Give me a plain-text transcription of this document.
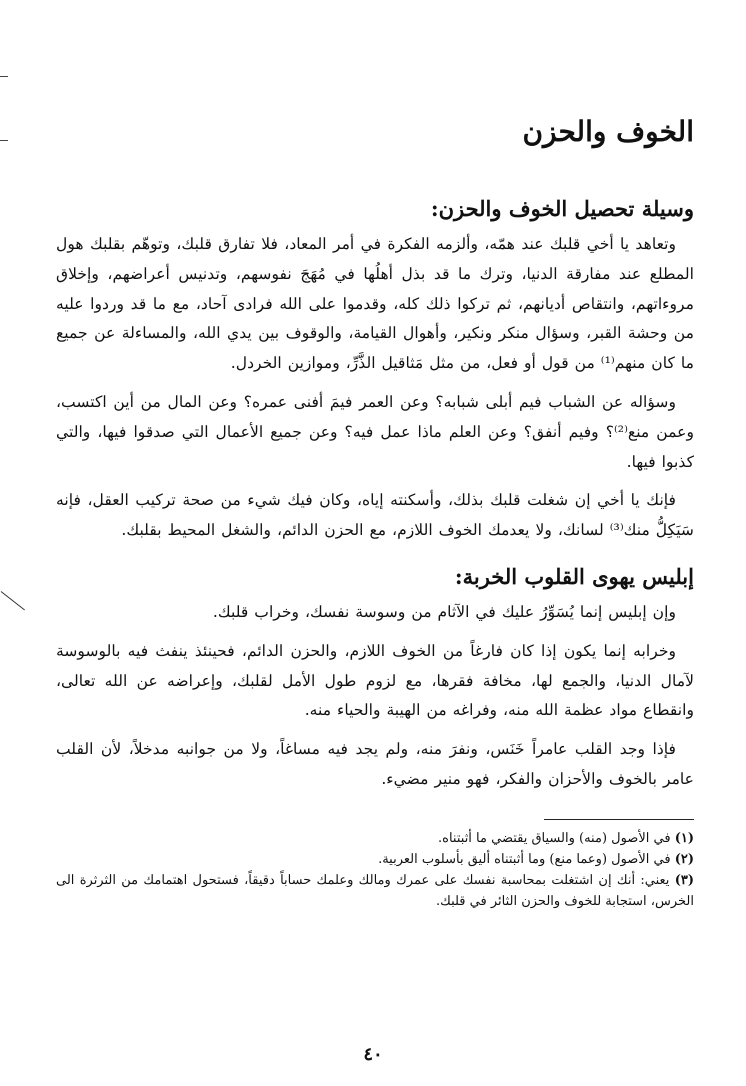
الخوف والحزن
وسيلة تحصيل الخوف والحزن:

وتعاهد يا أخي قلبك عند همّه، وألزمه الفكرة في أمر المعاد، فلا تفارق قلبك، وتوهّم بقلبك هول المطلع عند مفارقة الدنيا، وترك ما قد بذل أهلُها في مُهَجَ نفوسهم، وتدنيس أعراضهم، وإخلاق مروءاتهم، وانتقاص أديانهم، ثم تركوا ذلك كله، وقدموا على الله فرادى آحاد، مع ما قد وردوا عليه من وحشة القبر، وسؤال منكر ونكير، وأهوال القيامة، والوقوف بين يدي الله، والمساءلة عن جميع ما كان منهم⁽¹⁾ من قول أو فعل، من مثل مَثاقيل الذَّرِّ، وموازين الخردل.

وسؤاله عن الشباب فيم أبلى شبابه؟ وعن العمر فيمَ أفنى عمره؟ وعن المال من أين اكتسب، وعمن منع⁽²⁾؟ وفيم أنفق؟ وعن العلم ماذا عمل فيه؟ وعن جميع الأعمال التي صدقوا فيها، والتي كذبوا فيها.

فإنك يا أخي إن شغلت قلبك بذلك، وأسكنته إياه، وكان فيك شيء من صحة تركيب العقل، فإنه سَيَكِلُّ منك⁽³⁾ لسانك، ولا يعدمك الخوف اللازم، مع الحزن الدائم، والشغل المحيط بقلبك.

إبليس يهوى القلوب الخربة:

وإن إبليس إنما يُسَوِّرُ عليك في الآثام من وسوسة نفسك، وخراب قلبك.

وخرابه إنما يكون إذا كان فارغاً من الخوف اللازم، والحزن الدائم، فحينئذ ينفث فيه بالوسوسة لآمال الدنيا، والجمع لها، مخافة فقرها، مع لزوم طول الأمل لقلبك، وإعراضه عن الله تعالى، وانقطاع مواد عظمة الله منه، وفراغه من الهيبة والحياء منه.

فإذا وجد القلب عامراً خَنَس، ونفرَ منه، ولم يجد فيه مساغاً، ولا من جوانبه مدخلاً، لأن القلب عامر بالخوف والأحزان والفكر، فهو منير مضيء.

(١) في الأصول (منه) والسياق يقتضي ما أثبتناه.

(٢) في الأصول (وعما منع) وما أثبتناه أليق بأسلوب العربية.

(٣) يعني: أنك إن اشتغلت بمحاسبة نفسك على عمرك ومالك وعلمك حساباً دقيقاً، فستحول اهتمامك من الثرثرة الى الخرس، استجابة للخوف والحزن الثائر في قلبك.

٤٠
